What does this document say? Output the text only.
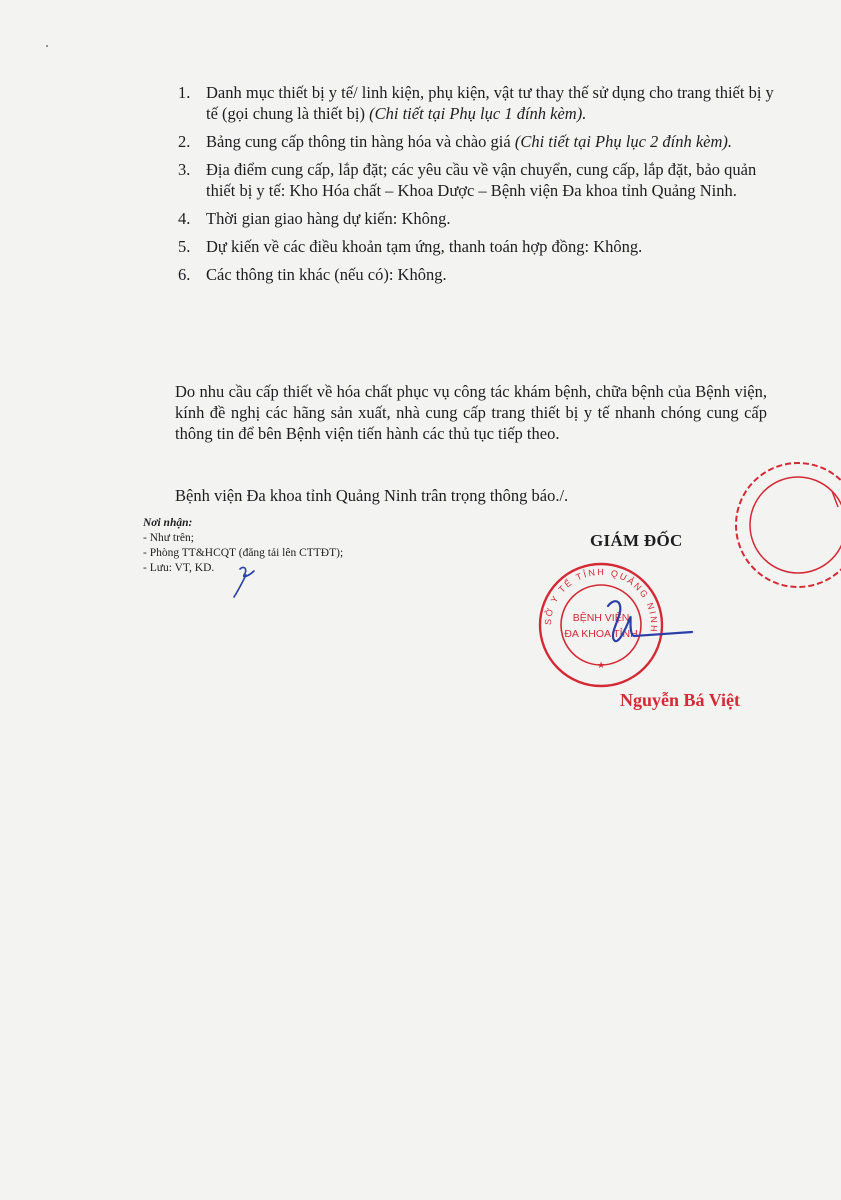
1. Danh mục thiết bị y tế/ linh kiện, phụ kiện, vật tư thay thế sử dụng cho trang thiết bị y tế (gọi chung là thiết bị) (Chi tiết tại Phụ lục 1 đính kèm).
2. Bảng cung cấp thông tin hàng hóa và chào giá (Chi tiết tại Phụ lục 2 đính kèm).
3. Địa điểm cung cấp, lắp đặt; các yêu cầu về vận chuyển, cung cấp, lắp đặt, bảo quản thiết bị y tế: Kho Hóa chất – Khoa Dược – Bệnh viện Đa khoa tỉnh Quảng Ninh.
4. Thời gian giao hàng dự kiến: Không.
5. Dự kiến về các điều khoản tạm ứng, thanh toán hợp đồng: Không.
6. Các thông tin khác (nếu có): Không.

Do nhu cầu cấp thiết về hóa chất phục vụ công tác khám bệnh, chữa bệnh của Bệnh viện, kính đề nghị các hãng sản xuất, nhà cung cấp trang thiết bị y tế nhanh chóng cung cấp thông tin để bên Bệnh viện tiến hành các thủ tục tiếp theo.

Bệnh viện Đa khoa tỉnh Quảng Ninh trân trọng thông báo./.

Nơi nhận:
- Như trên;
- Phòng TT&HCQT (đăng tải lên CTTĐT);
- Lưu: VT, KD.
GIÁM ĐỐC
SỞ Y TẾ TỈNH QUẢNG NINH
BỆNH VIỆN
ĐA KHOA TỈNH
★
Nguyễn Bá Việt
